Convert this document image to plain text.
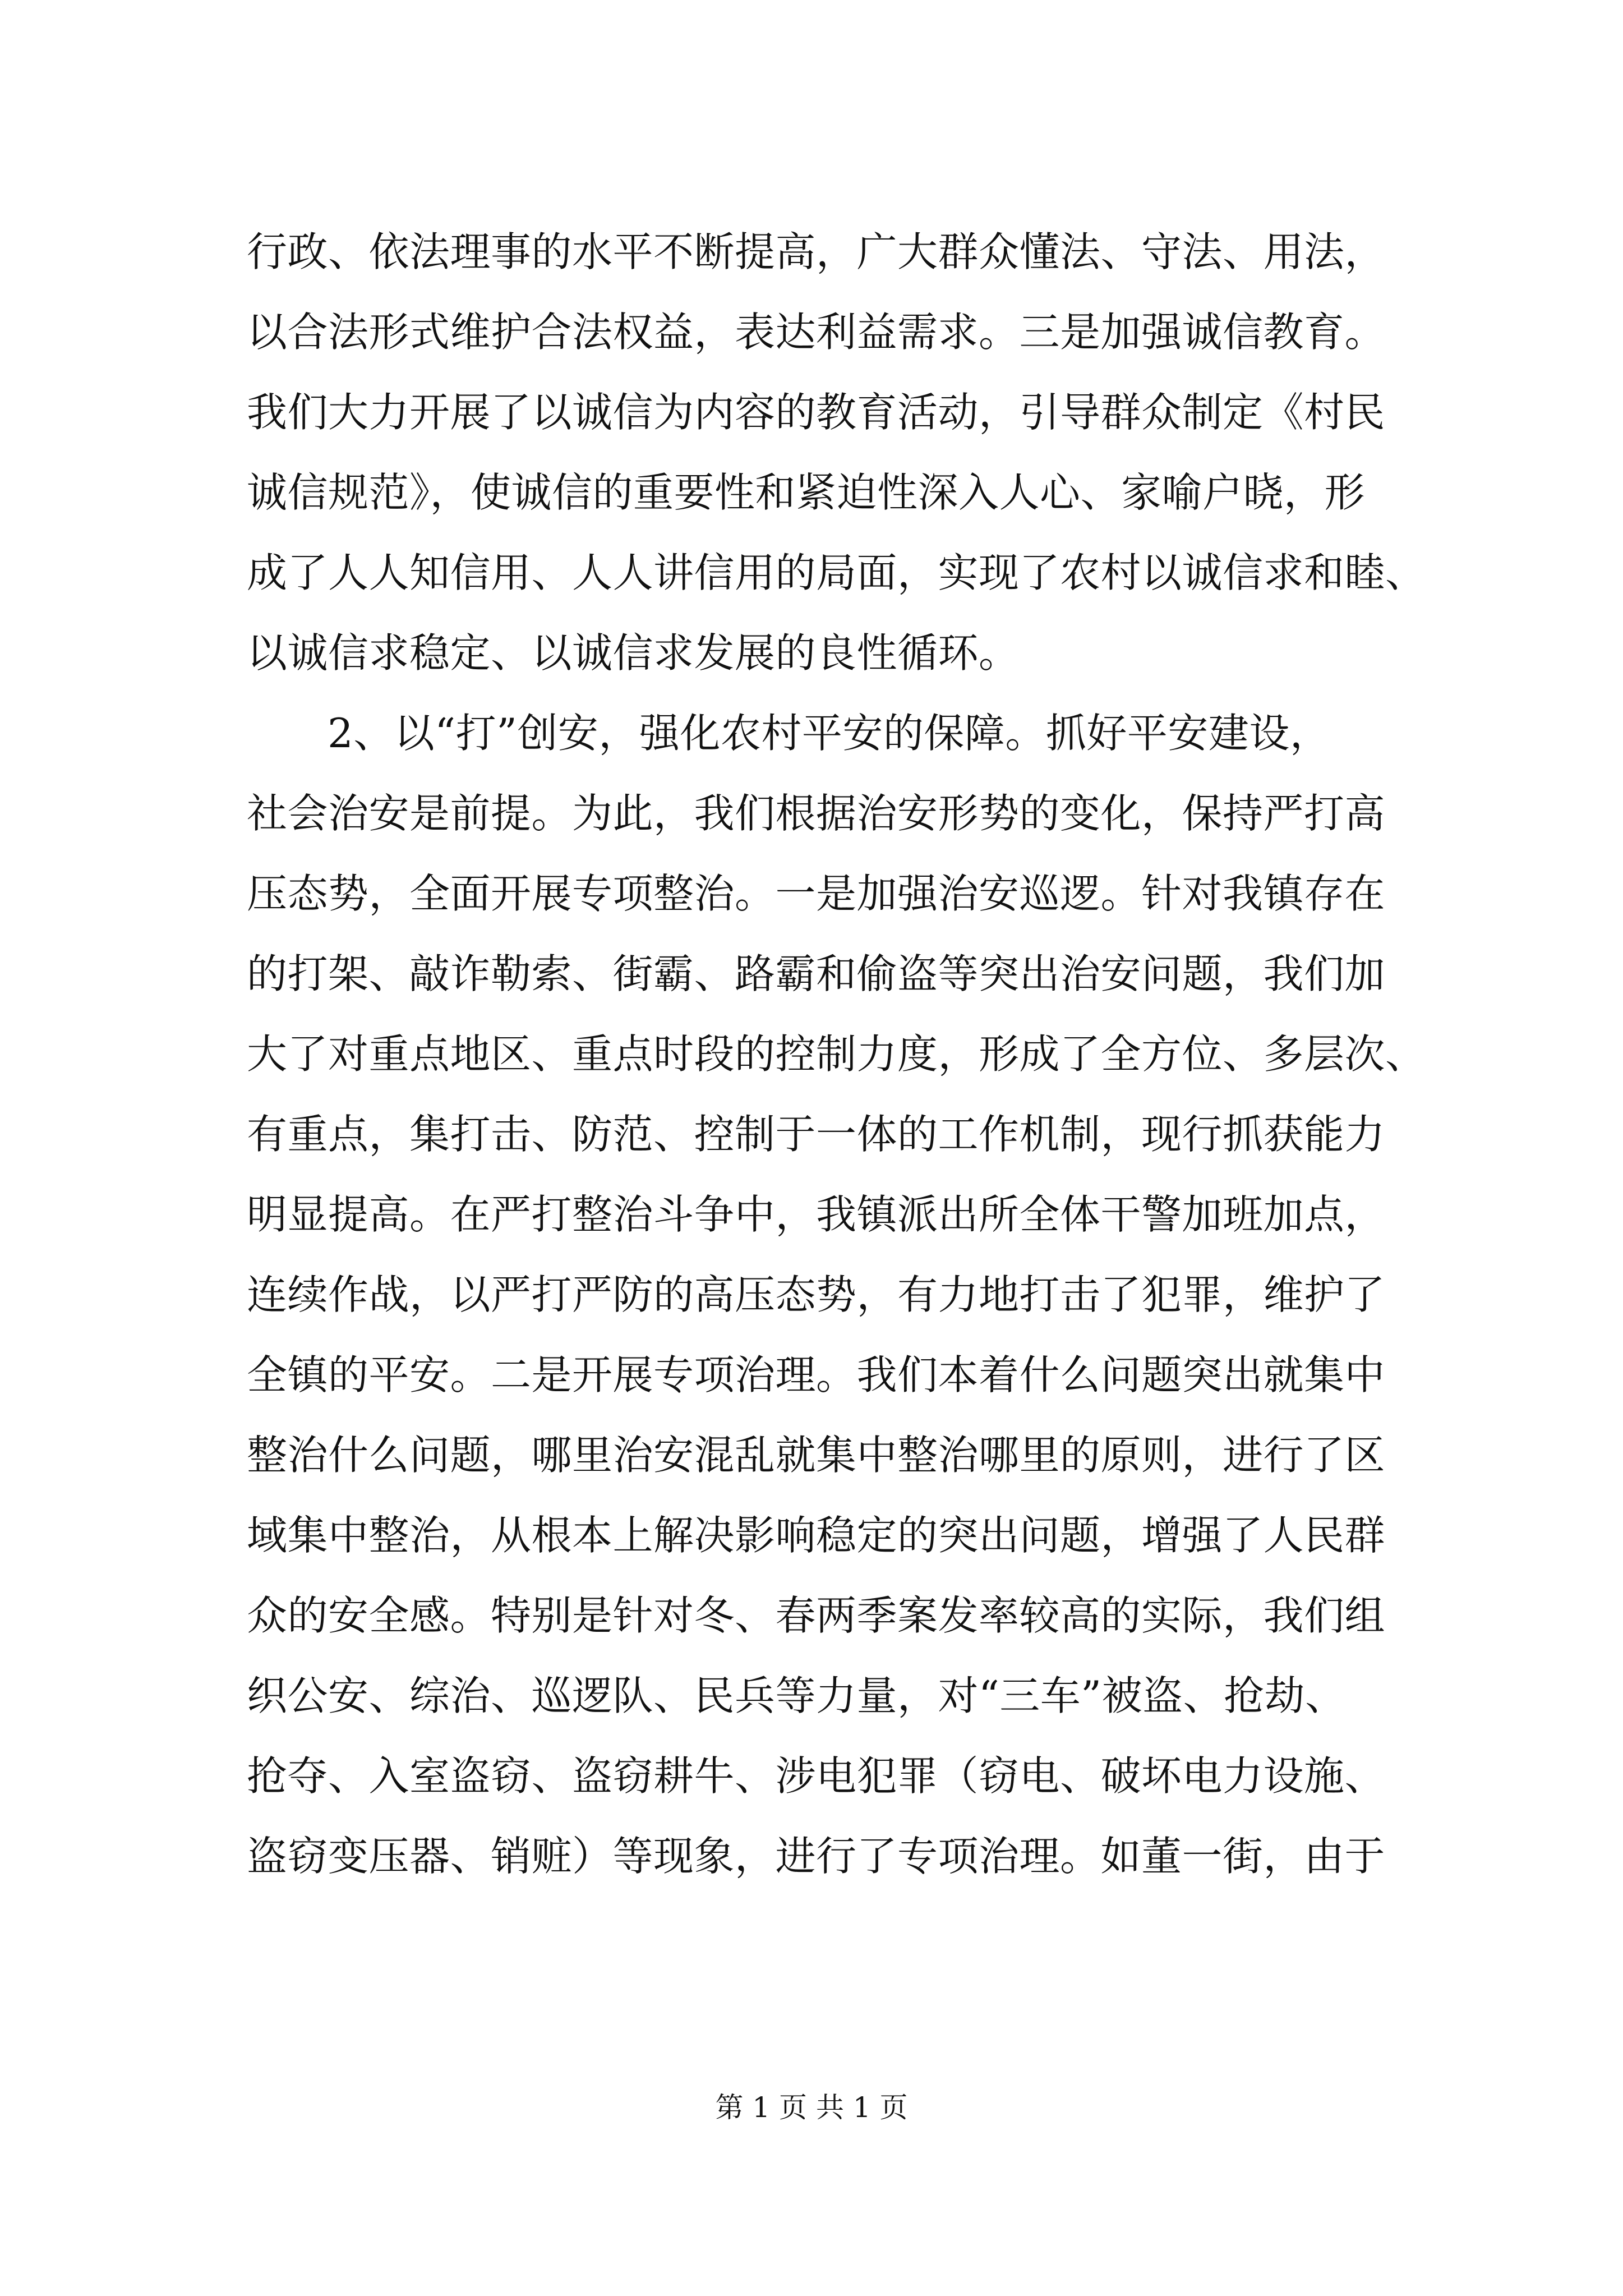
行政、依法理事的水平不断提高，广大群众懂法、守法、用法，
以合法形式维护合法权益，表达利益需求。三是加强诚信教育。
我们大力开展了以诚信为内容的教育活动，引导群众制定《村民
诚信规范》，使诚信的重要性和紧迫性深入人心、家喻户晓，形
成了人人知信用、人人讲信用的局面，实现了农村以诚信求和睦、
以诚信求稳定、以诚信求发展的良性循环。
2、以“打”创安，强化农村平安的保障。抓好平安建设，
社会治安是前提。为此，我们根据治安形势的变化，保持严打高
压态势，全面开展专项整治。一是加强治安巡逻。针对我镇存在
的打架、敲诈勒索、街霸、路霸和偷盗等突出治安问题，我们加
大了对重点地区、重点时段的控制力度，形成了全方位、多层次、
有重点，集打击、防范、控制于一体的工作机制，现行抓获能力
明显提高。在严打整治斗争中，我镇派出所全体干警加班加点，
连续作战，以严打严防的高压态势，有力地打击了犯罪，维护了
全镇的平安。二是开展专项治理。我们本着什么问题突出就集中
整治什么问题，哪里治安混乱就集中整治哪里的原则，进行了区
域集中整治，从根本上解决影响稳定的突出问题，增强了人民群
众的安全感。特别是针对冬、春两季案发率较高的实际，我们组
织公安、综治、巡逻队、民兵等力量，对“三车”被盗、抢劫、
抢夺、入室盗窃、盗窃耕牛、涉电犯罪（窃电、破坏电力设施、
盗窃变压器、销赃）等现象，进行了专项治理。如董一街，由于
第 1 页 共 1 页
